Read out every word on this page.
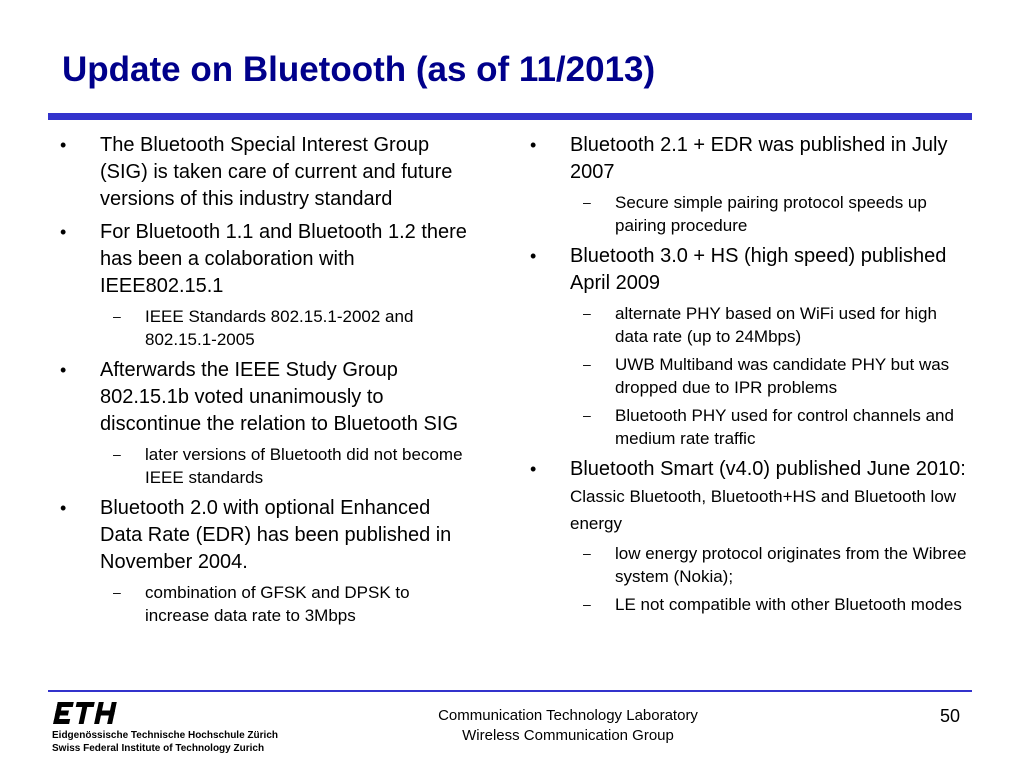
Update on Bluetooth (as of 11/2013)
• The Bluetooth Special Interest Group (SIG) is taken care of current and future versions of this industry standard
• For Bluetooth 1.1 and Bluetooth 1.2 there has been a colaboration with IEEE802.15.1
– IEEE Standards 802.15.1-2002 and 802.15.1-2005
• Afterwards the IEEE Study Group 802.15.1b voted unanimously to discontinue the relation to Bluetooth SIG
– later versions of Bluetooth did not become IEEE standards
• Bluetooth 2.0 with optional Enhanced Data Rate (EDR) has been published in November 2004.
– combination of GFSK and DPSK to increase data rate to 3Mbps
• Bluetooth 2.1 + EDR was published in July 2007
– Secure simple pairing protocol speeds up pairing procedure
• Bluetooth 3.0 + HS (high speed) published April 2009
– alternate PHY based on WiFi used for high data rate (up to 24Mbps)
– UWB Multiband was candidate PHY but was dropped due to IPR problems
– Bluetooth PHY used for control channels and medium rate traffic
• Bluetooth Smart (v4.0) published June 2010: Classic Bluetooth, Bluetooth+HS and Bluetooth low energy
– low energy protocol originates from the Wibree system (Nokia);
– LE not compatible with other Bluetooth modes
Eidgenössische Technische Hochschule Zürich
Swiss Federal Institute of Technology Zurich
Communication Technology Laboratory
Wireless Communication Group
50
